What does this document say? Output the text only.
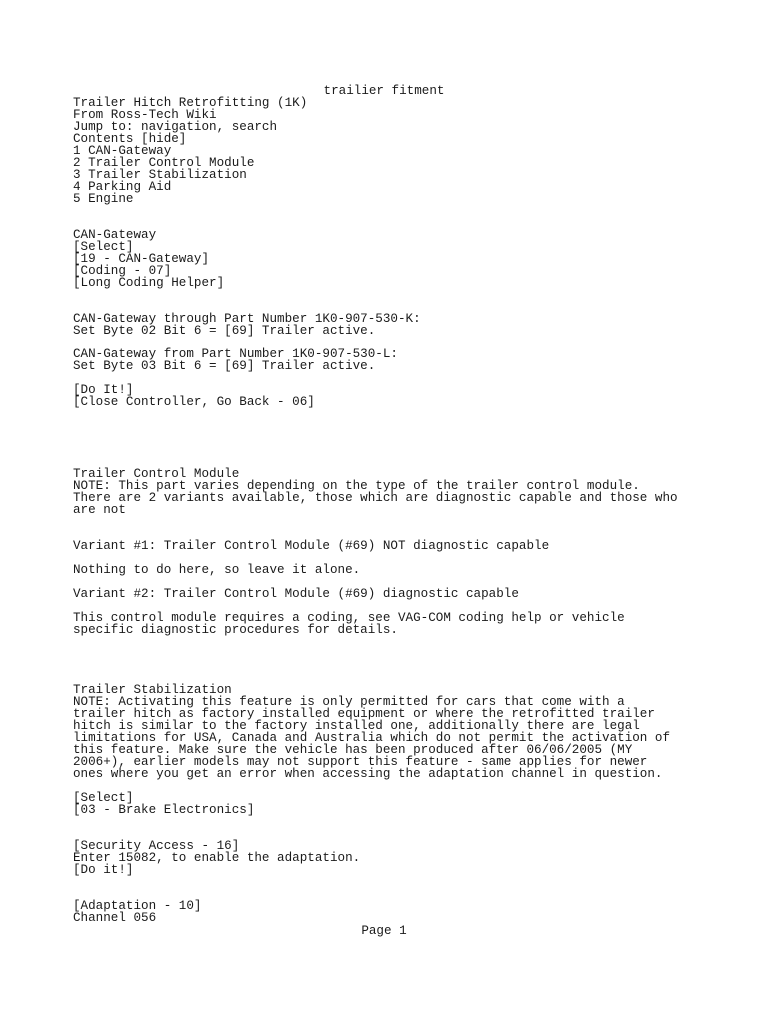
trailier fitment
Trailer Hitch Retrofitting (1K)
From Ross-Tech Wiki
Jump to: navigation, search
Contents [hide]
1 CAN-Gateway
2 Trailer Control Module
3 Trailer Stabilization
4 Parking Aid
5 Engine
CAN-Gateway
[Select]
[19 - CAN-Gateway]
[Coding - 07]
[Long Coding Helper]
CAN-Gateway through Part Number 1K0-907-530-K:
Set Byte 02 Bit 6 = [69] Trailer active.
CAN-Gateway from Part Number 1K0-907-530-L:
Set Byte 03 Bit 6 = [69] Trailer active.
[Do It!]
[Close Controller, Go Back - 06]
Trailer Control Module
NOTE: This part varies depending on the type of the trailer control module.
There are 2 variants available, those which are diagnostic capable and those who
are not
Variant #1: Trailer Control Module (#69) NOT diagnostic capable
Nothing to do here, so leave it alone.
Variant #2: Trailer Control Module (#69) diagnostic capable
This control module requires a coding, see VAG-COM coding help or vehicle
specific diagnostic procedures for details.
Trailer Stabilization
NOTE: Activating this feature is only permitted for cars that come with a
trailer hitch as factory installed equipment or where the retrofitted trailer
hitch is similar to the factory installed one, additionally there are legal
limitations for USA, Canada and Australia which do not permit the activation of
this feature. Make sure the vehicle has been produced after 06/06/2005 (MY
2006+), earlier models may not support this feature - same applies for newer
ones where you get an error when accessing the adaptation channel in question.
[Select]
[03 - Brake Electronics]
[Security Access - 16]
Enter 15082, to enable the adaptation.
[Do it!]
[Adaptation - 10]
Channel 056
Page 1
